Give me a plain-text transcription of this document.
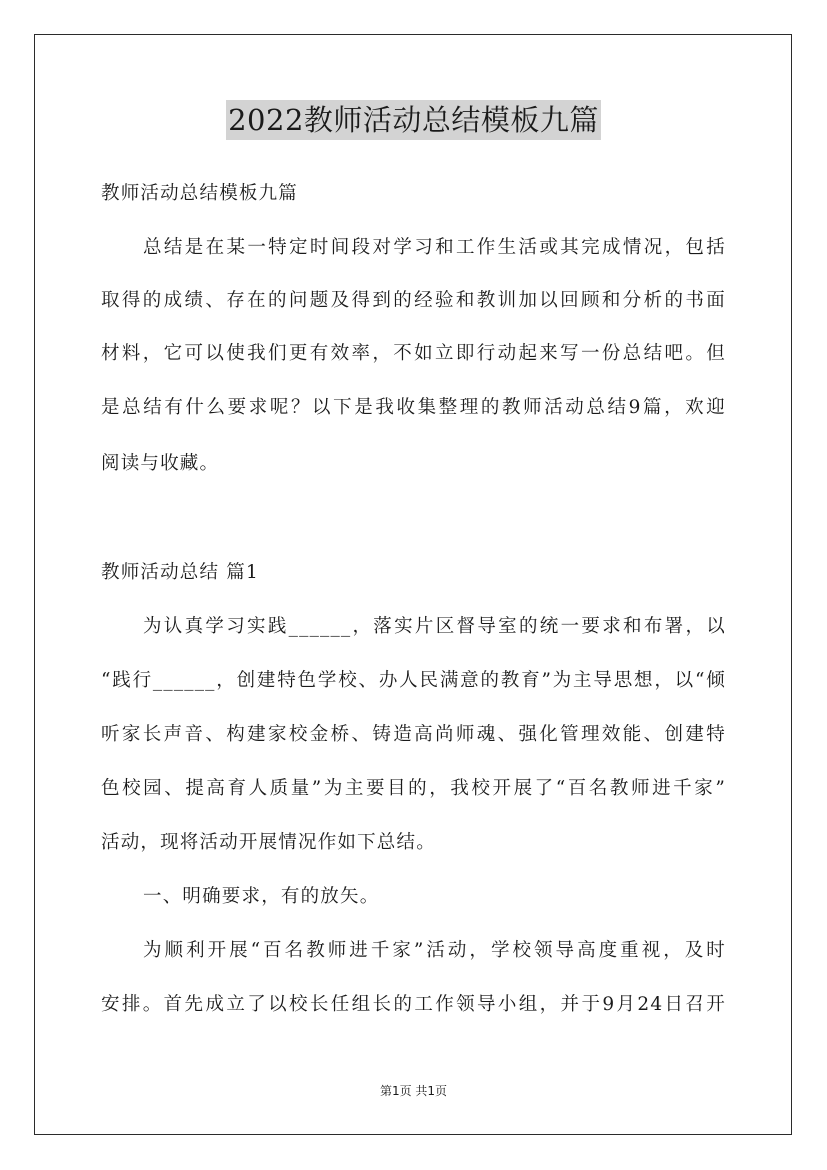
2022教师活动总结模板九篇
教师活动总结模板九篇
总结是在某一特定时间段对学习和工作生活或其完成情况，包括
取得的成绩、存在的问题及得到的经验和教训加以回顾和分析的书面
材料，它可以使我们更有效率，不如立即行动起来写一份总结吧。但
是总结有什么要求呢？以下是我收集整理的教师活动总结9篇，欢迎
阅读与收藏。
教师活动总结 篇1
为认真学习实践______，落实片区督导室的统一要求和布署，以
“践行______，创建特色学校、办人民满意的教育”为主导思想，以“倾
听家长声音、构建家校金桥、铸造高尚师魂、强化管理效能、创建特
色校园、提高育人质量”为主要目的，我校开展了“百名教师进千家”
活动，现将活动开展情况作如下总结。
一、明确要求，有的放矢。
为顺利开展“百名教师进千家”活动，学校领导高度重视，及时
安排。首先成立了以校长任组长的工作领导小组，并于9月24日召开
第1页 共1页
